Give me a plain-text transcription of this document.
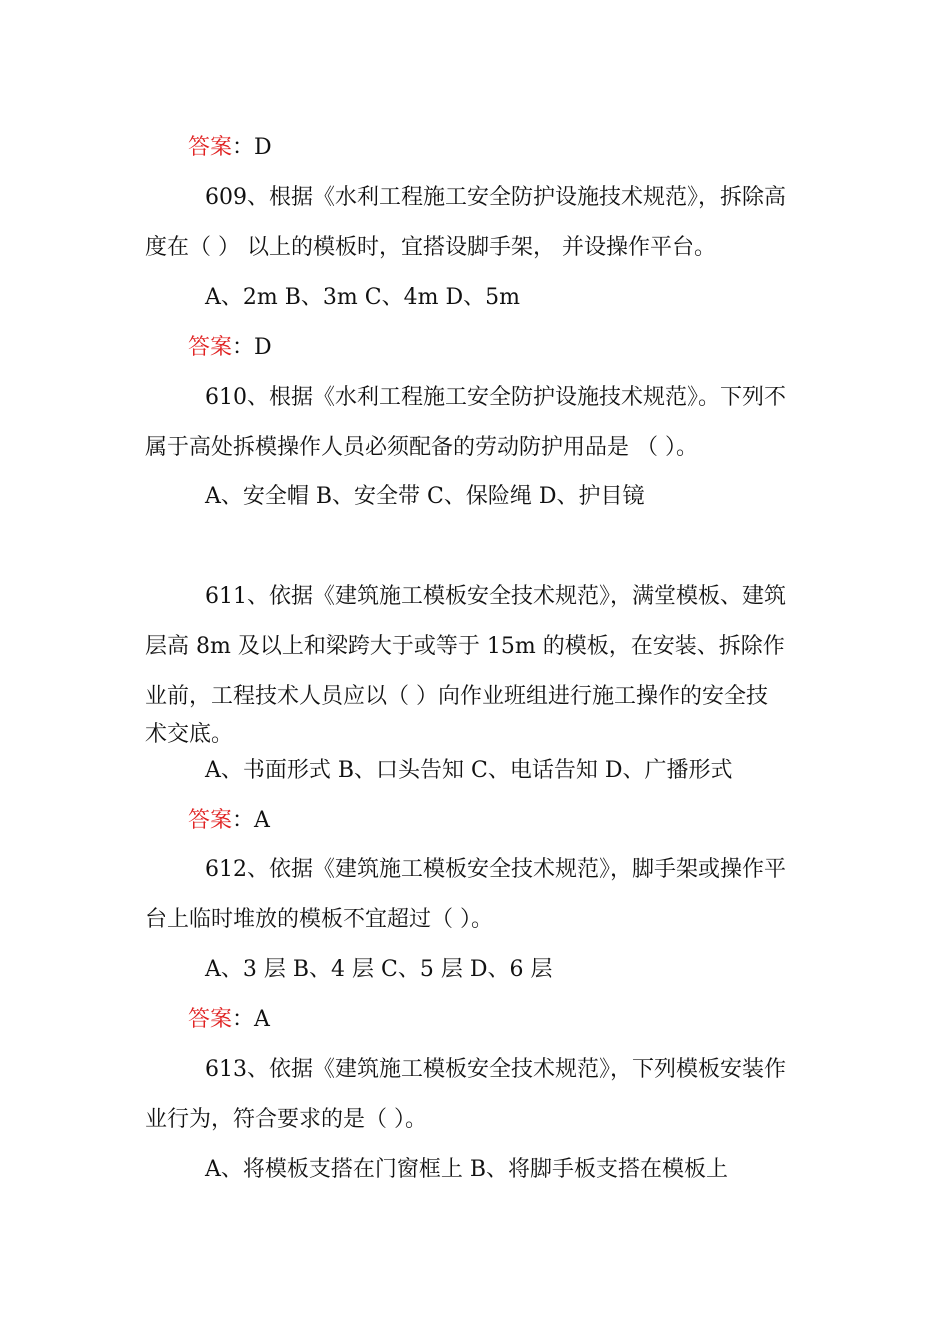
答案：D
609、根据《水利工程施工安全防护设施技术规范》，拆除高
度在（ ） 以上的模板时，宜搭设脚手架， 并设操作平台。
A、2m B、3m C、4m D、5m
答案：D
610、根据《水利工程施工安全防护设施技术规范》。下列不
属于高处拆模操作人员必须配备的劳动防护用品是 （ ）。
A、安全帽 B、安全带 C、保险绳 D、护目镜
611、依据《建筑施工模板安全技术规范》，满堂模板、建筑
层高 8m 及以上和梁跨大于或等于 15m 的模板，在安装、拆除作
业前，工程技术人员应以（ ）向作业班组进行施工操作的安全技
术交底。
A、书面形式 B、口头告知 C、电话告知 D、广播形式
答案：A
612、依据《建筑施工模板安全技术规范》，脚手架或操作平
台上临时堆放的模板不宜超过（ ）。
A、3 层 B、4 层 C、5 层 D、6 层
答案：A
613、依据《建筑施工模板安全技术规范》，下列模板安装作
业行为，符合要求的是（ ）。
A、将模板支搭在门窗框上 B、将脚手板支搭在模板上
